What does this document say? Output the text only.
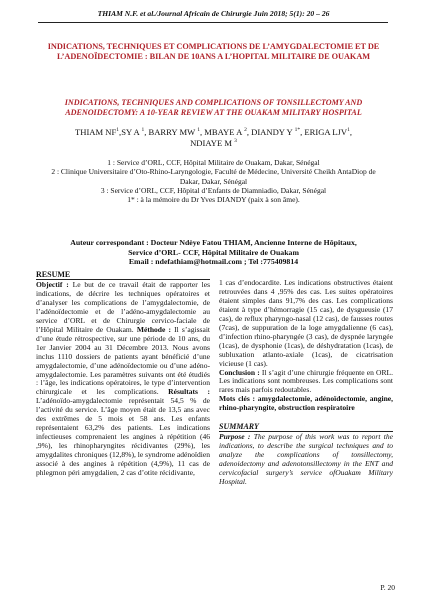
THIAM N.F. et al./Journal Africain de Chirurgie Juin 2018; 5(1): 20 – 26
INDICATIONS, TECHNIQUES ET COMPLICATIONS DE L’AMYGDALECTOMIE ET DE L’ADENOÏDECTOMIE : BILAN DE 10ANS A L’HOPITAL MILITAIRE DE OUAKAM
INDICATIONS, TECHNIQUES AND COMPLICATIONS OF TONSILLECTOMY AND ADENOIDECTOMY: A 10-YEAR REVIEW AT THE OUAKAM MILITARY HOSPITAL
THIAM $NF^1,SY$ A $^1$, BARRY MW $^1$, MBAYE A $^2$, DIANDY Y $^{1*}$, ERIGA LJV$^1$,
NDIAYE M $^3$
1 : Service d’ORL, CCF, Hôpital Militaire de Ouakam, Dakar, Sénégal
2 : Clinique Universitaire d’Oto-Rhino-Laryngologie, Faculté de Médecine, Université Cheikh AntaDiop de Dakar, Dakar, Sénégal
3 : Service d’ORL, CCF, Hôpital d’Enfants de Diamniadio, Dakar, Sénégal
1* : à la mémoire du Dr Yves DIANDY (paix à son âme).
Auteur correspondant : Docteur Ndèye Fatou THIAM, Ancienne Interne de Hôpitaux,
Service d’ORL- CCF, Hôpital Militaire de Ouakam
Email : ndefathiam@hotmail.com ; Tel :775409814
RESUME

Objectif : Le but de ce travail était de rapporter les indications, de décrire les techniques opératoires et d’analyser les complications de l’amygdalectomie, de l’adénoïdectomie et de l’adéno-amygdalectomie au service d’ORL et de Chirurgie cervico-faciale de l’Hôpital Militaire de Ouakam. Méthode : Il s’agissait d’une étude rétrospective, sur une période de 10 ans, du 1er Janvier 2004 au 31 Décembre 2013. Nous avons inclus 1110 dossiers de patients ayant bénéficié d’une amygdalectomie, d’une adénoïdectomie ou d’une adéno-amygdalectomie. Les paramètres suivants ont été étudiés : l’âge, les indications opératoires, le type d’intervention chirurgicale et les complications. Résultats : L’adénoïdo-amygdalectomie représentait 54,5 % de l’activité du service. L’âge moyen était de 13,5 ans avec des extrêmes de 5 mois et 58 ans. Les enfants représentaient 63,2% des patients. Les indications infectieuses comprenaient les angines à répétition (46 ,9%), les rhinopharyngites récidivantes (29%), les amygdalites chroniques (12,8%), le syndrome adénoïdien associé à des angines à répétition (4,9%), 11 cas de phlegmon péri amygdalien, 2 cas d’otite récidivante,

1 cas d’endocardite. Les indications obstructives étaient retrouvées dans 4 ,95% des cas. Les suites opératoires étaient simples dans 91,7% des cas. Les complications étaient à type d’hémorragie (15 cas), de dysgueusie (17 cas), de reflux pharyngo-nasal (12 cas), de fausses routes (7cas), de suppuration de la loge amygdalienne (6 cas), d’infection rhino-pharyngée (3 cas), de dyspnée laryngée (1cas), de dysphonie (1cas), de déshydratation (1cas), de subluxation atlanto-axiale (1cas), de cicatrisation vicieuse (1 cas).

Conclusion : Il s’agit d’une chirurgie fréquente en ORL. Les indications sont nombreuses. Les complications sont rares mais parfois redoutables.

Mots clés : amygdalectomie, adénoïdectomie, angine, rhino-pharyngite, obstruction respiratoire

SUMMARY

Purpose : The purpose of this work was to report the indications, to describe the surgical techniques and to analyze the complications of tonsillectomy, adenoidectomy and adenotonsillectomy in the ENT and cervicofacial surgery’s service ofOuakam Military Hospital.

P. 20
